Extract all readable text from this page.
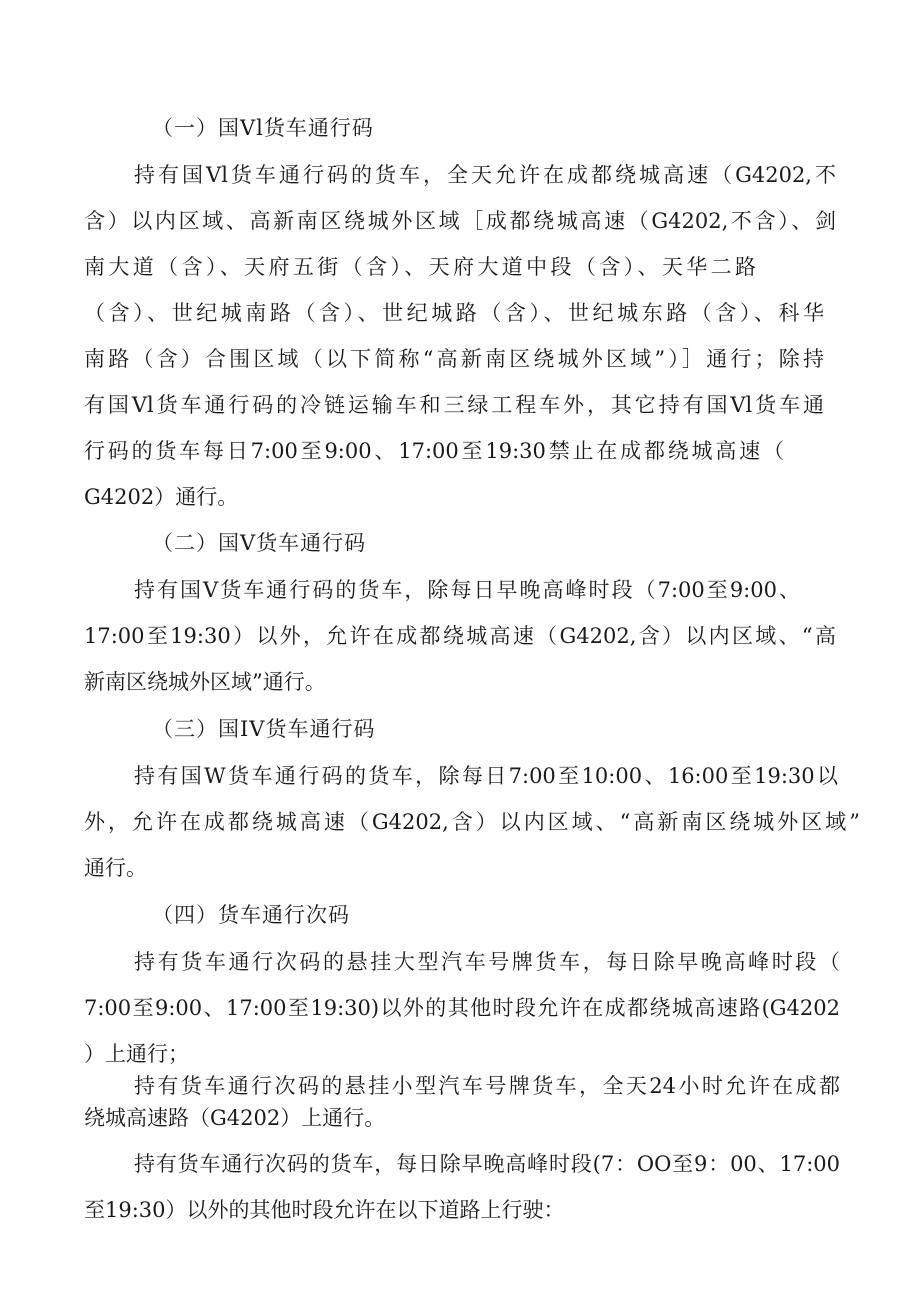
（一）国Vl货车通行码
持有国Vl货车通行码的货车，全天允许在成都绕城高速（G4202,不
含）以内区域、高新南区绕城外区域［成都绕城高速（G4202,不含）、剑
南大道（含）、天府五街（含）、天府大道中段（含）、天华二路
（含）、世纪城南路（含）、世纪城路（含）、世纪城东路（含）、科华
南路（含）合围区域（以下简称“高新南区绕城外区域”）］通行；除持
有国Vl货车通行码的冷链运输车和三绿工程车外，其它持有国Vl货车通
行码的货车每日7:00至9:00、17:00至19:30禁止在成都绕城高速（
G4202）通行。
（二）国V货车通行码
持有国V货车通行码的货车，除每日早晚高峰时段（7:00至9:00、
17:00至19:30）以外，允许在成都绕城高速（G4202,含）以内区域、“高
新南区绕城外区域”通行。
（三）国IV货车通行码
持有国W货车通行码的货车，除每日7:00至10:00、16:00至19:30以
外，允许在成都绕城高速（G4202,含）以内区域、“高新南区绕城外区域”
通行。
（四）货车通行次码
持有货车通行次码的悬挂大型汽车号牌货车，每日除早晚高峰时段（
7:00至9:00、17:00至19:30)以外的其他时段允许在成都绕城高速路(G4202
）上通行；
持有货车通行次码的悬挂小型汽车号牌货车，全天24小时允许在成都
绕城高速路（G4202）上通行。
持有货车通行次码的货车，每日除早晚高峰时段(7：OO至9：00、17:00
至19:30）以外的其他时段允许在以下道路上行驶：
